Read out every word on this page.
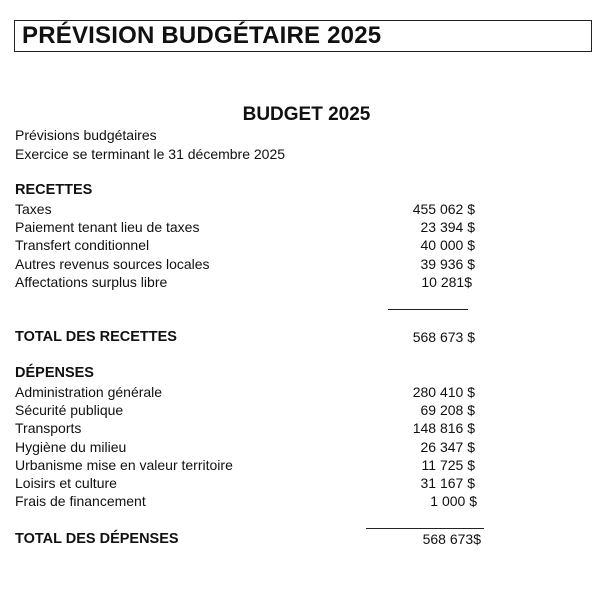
PRÉVISION BUDGÉTAIRE 2025
BUDGET 2025
Prévisions budgétaires
Exercice se terminant le 31 décembre 2025
RECETTES
Taxes	455 062 $
Paiement tenant lieu de taxes	23 394 $
Transfert conditionnel	40 000 $
Autres revenus sources locales	39 936 $
Affectations surplus libre	10 281$
TOTAL DES RECETTES	568 673 $
DÉPENSES
Administration générale	280 410 $
Sécurité publique	69 208 $
Transports	148 816 $
Hygiène du milieu	26 347 $
Urbanisme mise en valeur territoire	11 725 $
Loisirs et culture	31 167 $
Frais de financement	1 000 $
TOTAL DES DÉPENSES	568 673$
